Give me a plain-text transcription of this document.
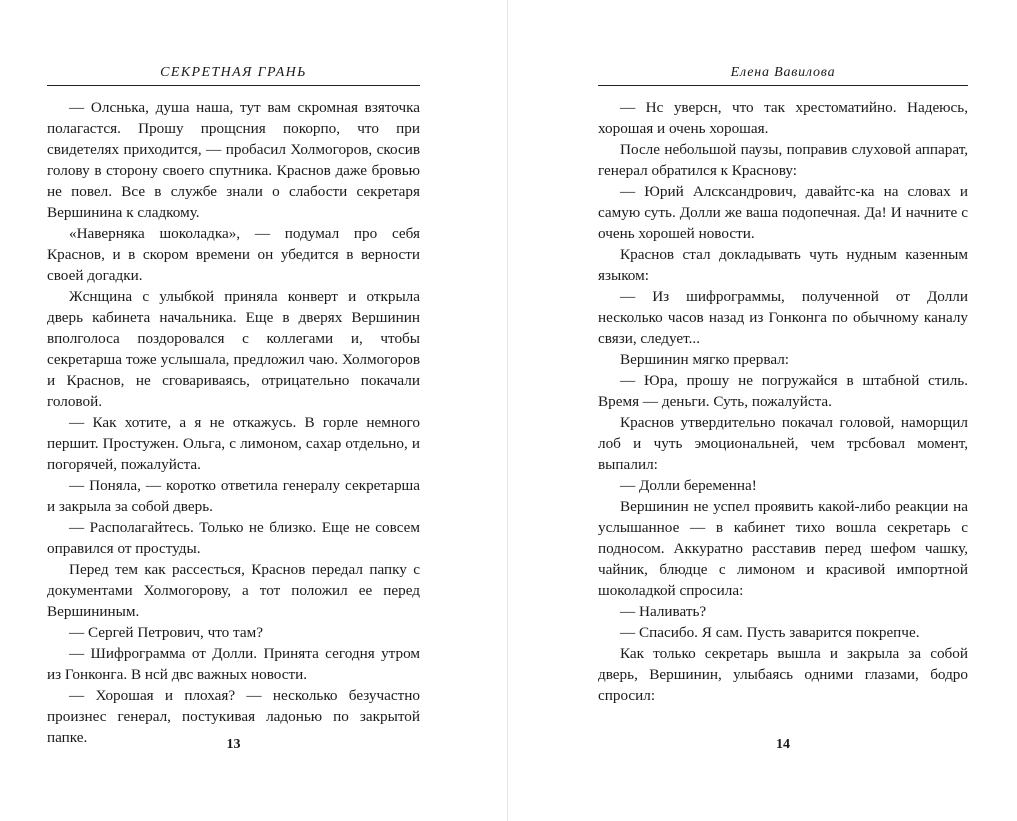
СЕКРЕТНАЯ ГРАНЬ

— Олснька, душа наша, тут вам скромная взяточка полагастся. Прошу прощсния покорпо, что при свидетелях приходится, — пробасил Холмогоров, скосив голову в сторону своего спутника. Краснов даже бровью не повел. Все в службе знали о слабости секретаря Вершинина к сладкому.

«Наверняка шоколадка», — подумал про себя Краснов, и в скором времени он убедится в верности своей догадки.

Жснщина с улыбкой приняла конверт и открыла дверь кабинета начальника. Еще в дверях Вершинин вполголоса поздоровался с коллегами и, чтобы секретарша тоже услышала, предложил чаю. Холмогоров и Краснов, не сговариваясь, отрицательно покачали головой.

— Как хотите, а я не откажусь. В горле немного першит. Простужен. Ольга, с лимоном, сахар отдельно, и погорячей, пожалуйста.

— Поняла, — коротко ответила генералу секретарша и закрыла за собой дверь.

— Располагайтесь. Только не близко. Еще не совсем оправился от простуды.

Перед тем как рассесться, Краснов передал папку с документами Холмогорову, а тот положил ее перед Вершининым.

— Сергей Петрович, что там?

— Шифрограмма от Долли. Принята сегодня утром из Гонконга. В нсй двс важных новости.

— Хорошая и плохая? — несколько безучастно произнес генерал, постукивая ладонью по закрытой папке.	13
Елена Вавилова

— Нс уверсн, что так хрестоматийно. Надеюсь, хорошая и очень хорошая.

После небольшой паузы, поправив слуховой аппарат, генерал обратился к Краснову:

— Юрий Алсксандрович, давайтс-ка на словах и самую суть. Долли же ваша подопечная. Да! И начните с очень хорошей новости.

Краснов стал докладывать чуть нудным казенным языком:

— Из шифрограммы, полученной от Долли несколько часов назад из Гонконга по обычному каналу связи, следует...

Вершинин мягко прервал:

— Юра, прошу не погружайся в штабной стиль. Время — деньги. Суть, пожалуйста.

Краснов утвердительно покачал головой, наморщил лоб и чуть эмоциональней, чем трсбовал момент, выпалил:

— Долли беременна!

Вершинин не успел проявить какой-либо реакции на услышанное — в кабинет тихо вошла секретарь с подносом. Аккуратно расставив перед шефом чашку, чайник, блюдце с лимоном и красивой импортной шоколадкой спросила:

— Наливать?

— Спасибо. Я сам. Пусть заварится покрепче.

Как только секретарь вышла и закрыла за собой дверь, Вершинин, улыбаясь одними глазами, бодро спросил:

14
